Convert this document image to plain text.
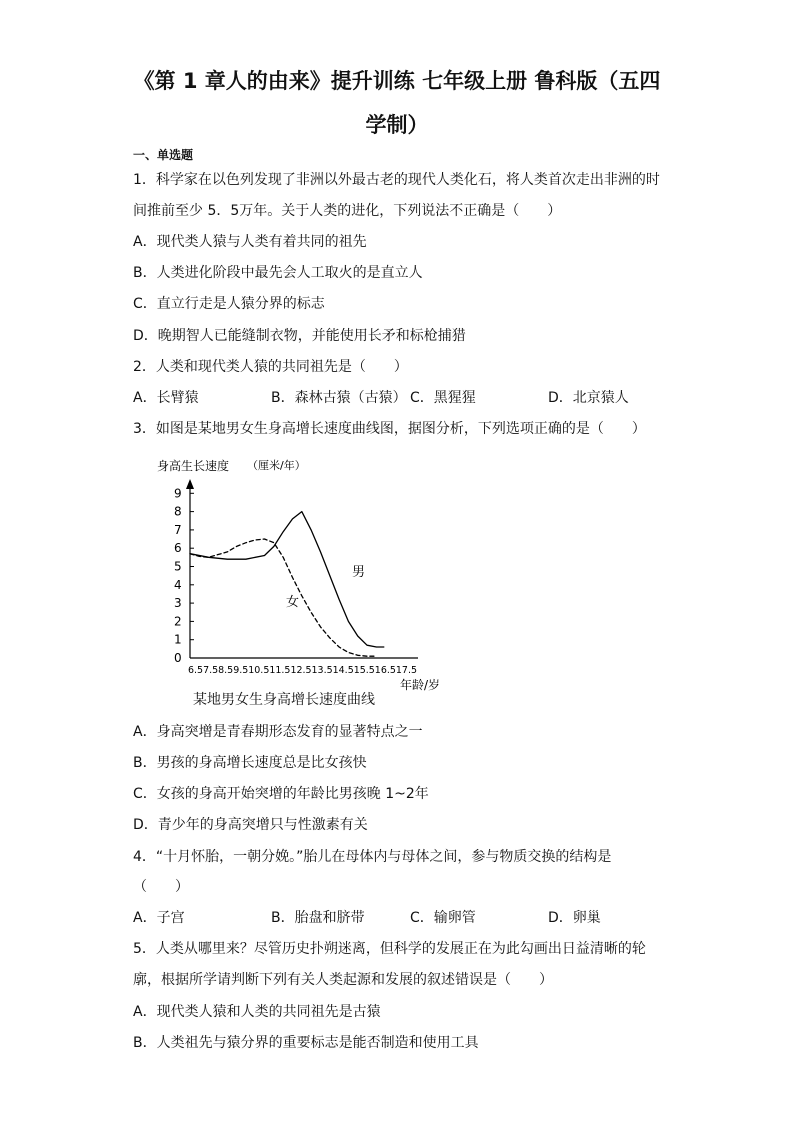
《第 1 章人的由来》提升训练 七年级上册 鲁科版（五四
学制）
一、单选题
1．科学家在以色列发现了非洲以外最古老的现代人类化石，将人类首次走出非洲的时
间推前至少 5．5万年。关于人类的进化，下列说法不正确是（　　）
A．现代类人猿与人类有着共同的祖先
B．人类进化阶段中最先会人工取火的是直立人
C．直立行走是人猿分界的标志
D．晚期智人已能缝制衣物，并能使用长矛和标枪捕猎
2．人类和现代类人猿的共同祖先是（　　）
A．长臂猿	B．森林古猿（古猿） C．黑猩猩	D．北京猿人
3．如图是某地男女生身高增长速度曲线图，据图分析，下列选项正确的是（　　）
身高生长速度 （厘米/年）
0
1
2
3
4
5
6
7
8
9
6.57.58.59.510.511.512.513.514.515.516.517.5
年龄/岁
男
女
某地男女生身高增长速度曲线
A．身高突增是青春期形态发育的显著特点之一
B．男孩的身高增长速度总是比女孩快
C．女孩的身高开始突增的年龄比男孩晚 1~2年
D．青少年的身高突增只与性激素有关
4．“十月怀胎，一朝分娩。”胎儿在母体内与母体之间，参与物质交换的结构是
（　　）
A．子宫	B．胎盘和脐带	C．输卵管	D．卵巢
5．人类从哪里来？尽管历史扑朔迷离，但科学的发展正在为此勾画出日益清晰的轮
廓，根据所学请判断下列有关人类起源和发展的叙述错误是（　　）
A．现代类人猿和人类的共同祖先是古猿
B．人类祖先与猿分界的重要标志是能否制造和使用工具
